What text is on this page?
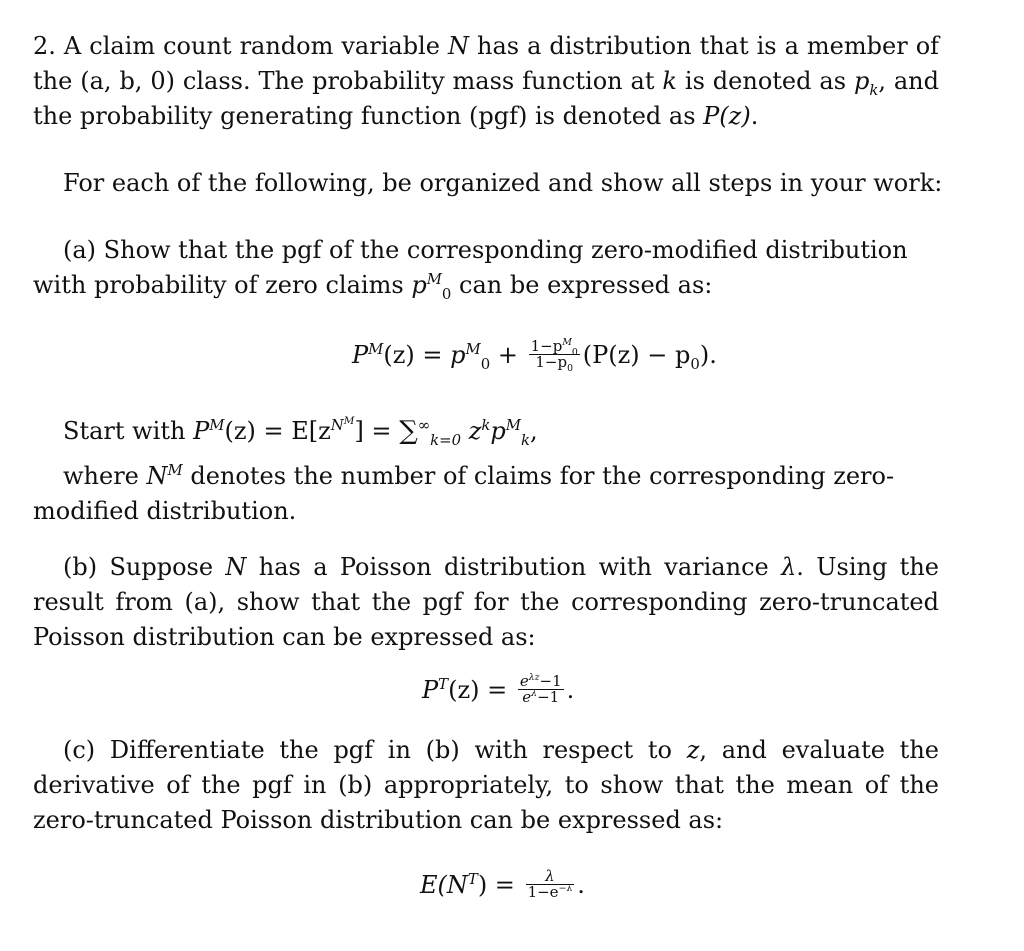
2. A claim count random variable N has a distribution that is a member of the (a, b, 0) class. The probability mass function at k is denoted as $p_k$, and the probability generating function (pgf) is denoted as P(z).

For each of the following, be organized and show all steps in your work:

(a) Show that the pgf of the corresponding zero-modified distribution with probability of zero claims $p^M_0$ can be expressed as:

$P^M(z) = p^M_0 + \frac{1-p^M_0}{1-p_0} (P(z) - p_0)$.

Start with $P^M(z) = E[z^{N^M}] = \sum^\infty_{k=0}$ $z^kp^M_k$,

where $N^M$ denotes the number of claims for the corresponding zero-modified distribution.

(b) Suppose N has a Poisson distribution with variance λ. Using the result from (a), show that the pgf for the corresponding zero-truncated Poisson distribution can be expressed as:

$P^T(z) = \frac{e^{\lambda z}-1}{e^\lambda-1}$ .

(c) Differentiate the pgf in (b) with respect to z, and evaluate the derivative of the pgf in (b) appropriately, to show that the mean of the zero-truncated Poisson distribution can be expressed as:

$E(N^T) = \frac{\lambda}{1-e^{-\lambda}}$ .
